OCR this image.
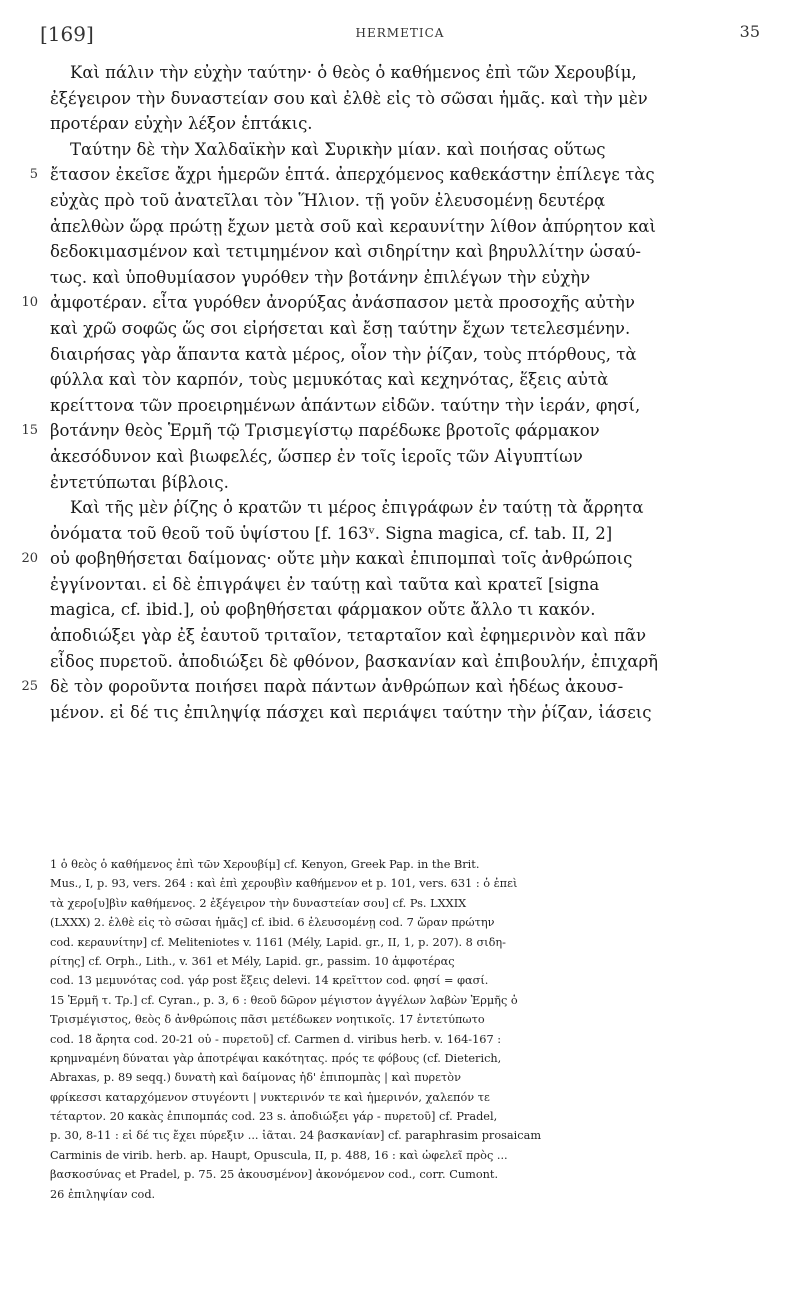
[169]	HERMETICA	35
Καὶ πάλιν τὴν εὐχὴν ταύτην· ὁ θεὸς ὁ καθήμενος ἐπὶ τῶν Χερουβίμ,
ἐξέγειρον τὴν δυναστείαν σου καὶ ἐλθὲ εἰς τὸ σῶσαι ἡμᾶς. καὶ τὴν μὲν
προτέραν εὐχὴν λέξον ἑπτάκις.
Ταύτην δὲ τὴν Χαλδαϊκὴν καὶ Συρικὴν μίαν. καὶ ποιήσας οὕτως
5 ἔτασον ἐκεῖσε ἄχρι ἡμερῶν ἑπτά. ἀπερχόμενος καθεκάστην ἐπίλεγε τὰς
εὐχὰς πρὸ τοῦ ἀνατεῖλαι τὸν Ἥλιον. τῇ γοῦν ἐλευσομένῃ δευτέρᾳ
ἀπελθὼν ὥρᾳ πρώτῃ ἔχων μετὰ σοῦ καὶ κεραυνίτην λίθον ἀπύρητον καὶ
δεδοκιμασμένον καὶ τετιμημένον καὶ σιδηρίτην καὶ βηρυλλίτην ὡσαύ-
τως. καὶ ὑποθυμίασον γυρόθεν τὴν βοτάνην ἐπιλέγων τὴν εὐχὴν
10 ἀμφοτέραν. εἶτα γυρόθεν ἀνορύξας ἀνάσπασον μετὰ προσοχῆς αὐτὴν
καὶ χρῶ σοφῶς ὥς σοι εἰρήσεται καὶ ἔσῃ ταύτην ἔχων τετελεσμένην.
διαιρήσας γὰρ ἅπαντα κατὰ μέρος, οἷον τὴν ῥίζαν, τοὺς πτόρθους, τὰ
φύλλα καὶ τὸν καρπόν, τοὺς μεμυκότας καὶ κεχηνότας, ἕξεις αὐτὰ
κρείττονα τῶν προειρημένων ἁπάντων εἰδῶν. ταύτην τὴν ἱεράν, φησί,
15 βοτάνην θεὸς Ἑρμῆ τῷ Τρισμεγίστῳ παρέδωκε βροτοῖς φάρμακον
ἀκεσόδυνον καὶ βιωφελές, ὥσπερ ἐν τοῖς ἱεροῖς τῶν Αἰγυπτίων
ἐντετύπωται βίβλοις.
Καὶ τῆς μὲν ῥίζης ὁ κρατῶν τι μέρος ἐπιγράφων ἐν ταύτῃ τὰ ἄρρητα
ὀνόματα τοῦ θεοῦ τοῦ ὑψίστου [f. 163ᵛ. Signa magica, cf. tab. II, 2]
20 οὐ φοβηθήσεται δαίμονας· οὔτε μὴν κακαὶ ἐπιπομπαὶ τοῖς ἀνθρώποις
ἐγγίνονται. εἰ δὲ ἐπιγράψει ἐν ταύτῃ καὶ ταῦτα καὶ κρατεῖ [signa
magica, cf. ibid.], οὐ φοβηθήσεται φάρμακον οὔτε ἄλλο τι κακόν.
ἀποδιώξει γὰρ ἐξ ἑαυτοῦ τριταῖον, τεταρταῖον καὶ ἐφημερινὸν καὶ πᾶν
εἶδος πυρετοῦ. ἀποδιώξει δὲ φθόνον, βασκανίαν καὶ ἐπιβουλήν, ἐπιχαρῆ
25 δὲ τὸν φοροῦντα ποιήσει παρὰ πάντων ἀνθρώπων καὶ ἡδέως ἀκουσ-
μένον. εἰ δέ τις ἐπιληψίᾳ πάσχει καὶ περιάψει ταύτην τὴν ῥίζαν, ἰάσεις
1 ὁ θεὸς ὁ καθήμενος ἐπὶ τῶν Χερουβίμ] cf. Kenyon, Greek Pap. in the Brit.
Mus., I, p. 93, vers. 264 : καὶ ἐπὶ χερουβὶν καθήμενον et p. 101, vers. 631 : ὁ ἐπεὶ
τὰ χερο[υ]βὶν καθήμενος. 2 ἐξέγειρον τὴν δυναστείαν σου] cf. Ps. LXXIX
(LXXX) 2. ἐλθὲ εἰς τὸ σῶσαι ἡμᾶς] cf. ibid. 6 ἐλευσομένῃ cod. 7 ὥραν πρώτην
cod. κεραυνίτην] cf. Meliteniotes v. 1161 (Mély, Lapid. gr., II, 1, p. 207). 8 σιδη-
ρίτης] cf. Orph., Lith., v. 361 et Mély, Lapid. gr., passim. 10 ἀμφοτέρας
cod. 13 μεμυνότας cod. γάρ post ἕξεις delevi. 14 κρεῖττον cod. φησί = φασί.
15 Ἑρμῆ τ. Τρ.] cf. Cyran., p. 3, 6 : θεοῦ δῶρον μέγιστον ἀγγέλων λαβὼν Ἑρμῆς ὁ
Τρισμέγιστος, θεὸς δ ἀνθρώποις πᾶσι μετέδωκεν νοητικοῖς. 17 ἐντετύπωτο
cod. 18 ἄρητα cod. 20-21 οὐ - πυρετοῦ] cf. Carmen d. viribus herb. v. 164-167 :
κρημναμένη δύναται γὰρ ἀποτρέψαι κακότητας. πρός τε φόβους (cf. Dieterich,
Abraxas, p. 89 seqq.) δυνατὴ καὶ δαίμονας ἠδ' ἐπιπομπὰς | καὶ πυρετὸν
φρίκεσσι καταρχόμενον στυγέοντι | νυκτερινόν τε καὶ ἡμερινόν, χαλεπόν τε
τέταρτον. 20 κακὰς ἐπιπομπάς cod. 23 s. ἀποδιώξει γάρ - πυρετοῦ] cf. Pradel,
p. 30, 8-11 : εἰ δέ τις ἔχει πύρεξιν ... ἰᾶται. 24 βασκανίαν] cf. paraphrasim prosaicam
Carminis de virib. herb. ap. Haupt, Opuscula, II, p. 488, 16 : καὶ ὠφελεῖ πρὸς ...
βασκοσύνας et Pradel, p. 75. 25 ἀκουσμένον] ἀκονόμενον cod., corr. Cumont.
26 ἐπιληψίαν cod.
